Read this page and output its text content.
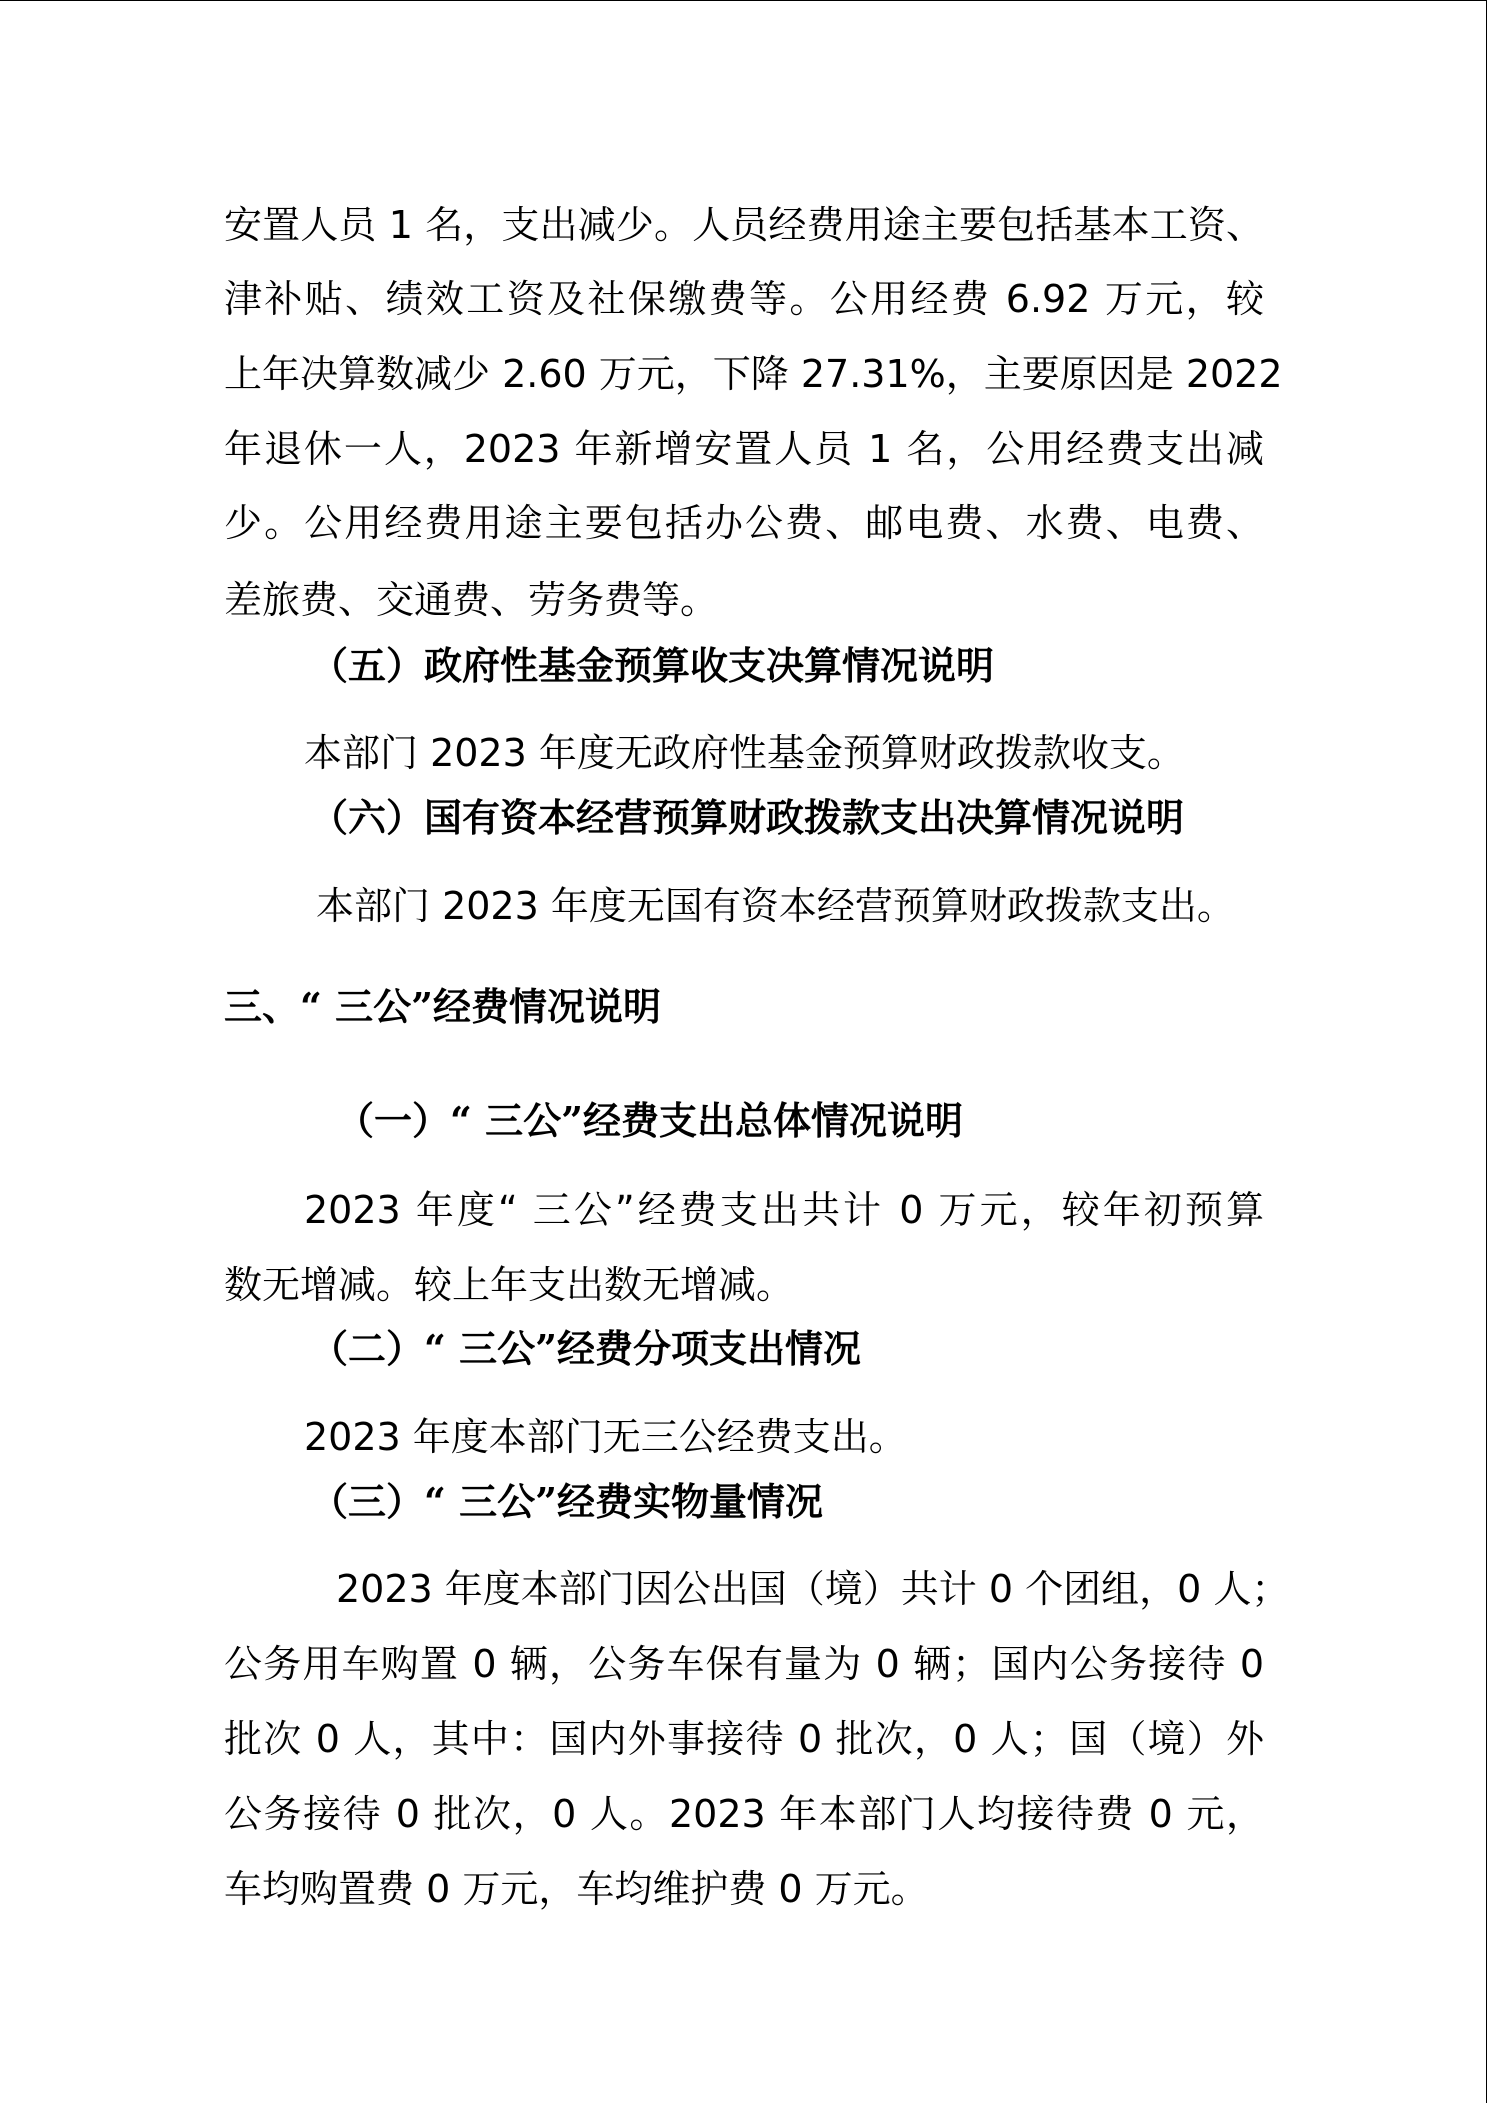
安置人员 1 名，支出减少。人员经费用途主要包括基本工资、

津补贴、绩效工资及社保缴费等。公用经费 6.92 万元，较

上年决算数减少 2.60 万元，下降 27.31%，主要原因是 2022

年退休一人，2023 年新增安置人员 1 名，公用经费支出减

少。公用经费用途主要包括办公费、邮电费、水费、电费、

差旅费、交通费、劳务费等。

（五）政府性基金预算收支决算情况说明

本部门 2023 年度无政府性基金预算财政拨款收支。

（六）国有资本经营预算财政拨款支出决算情况说明

本部门 2023 年度无国有资本经营预算财政拨款支出。

三、“ 三公”经费情况说明

（一）“ 三公”经费支出总体情况说明

2023 年度“ 三公”经费支出共计 0 万元，较年初预算

数无增减。较上年支出数无增减。

（二）“ 三公”经费分项支出情况

2023 年度本部门无三公经费支出。

（三）“ 三公”经费实物量情况

2023 年度本部门因公出国（境）共计 0 个团组，0 人；

公务用车购置 0 辆，公务车保有量为 0 辆；国内公务接待 0

批次 0 人，其中：国内外事接待 0 批次，0 人；国（境）外

公务接待 0 批次，0 人。2023 年本部门人均接待费 0 元，

车均购置费 0 万元，车均维护费 0 万元。
